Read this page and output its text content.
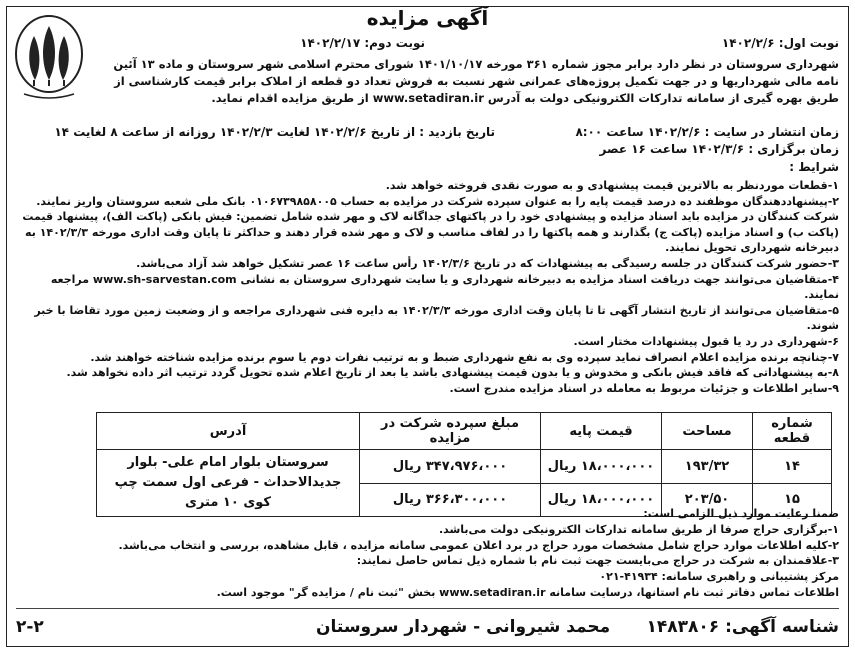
آگهی مزایده
نوبت اول: ۱۴۰۲/۲/۶
نوبت دوم: ۱۴۰۲/۲/۱۷
شهرداری سروستان در نظر دارد برابر مجوز شماره ۳۶۱ مورخه ۱۴۰۱/۱۰/۱۷ شورای محترم اسلامی شهر سروستان و ماده ۱۳ آئین نامه مالی شهرداریها و در جهت تکمیل پروژه‌های عمرانی شهر نسبت به فروش تعداد دو قطعه از املاک برابر قیمت کارشناسی از طریق بهره گیری از سامانه تدارکات الکترونیکی دولت به آدرس www.setadiran.ir از طریق مزایده اقدام نماید.
زمان انتشار در سایت : ۱۴۰۲/۲/۶ ساعت ۸:۰۰
تاریخ بازدید : از تاریخ ۱۴۰۲/۲/۶ لغایت ۱۴۰۲/۲/۳ روزانه از ساعت ۸ لغایت ۱۴
زمان برگزاری : ۱۴۰۲/۳/۶ ساعت ۱۶ عصر
شرایط :
۱-قطعات موردنظر به بالاترین قیمت پیشنهادی و به صورت نقدی فروخته خواهد شد.
۲-پیشنهاددهندگان موظفند ده درصد قیمت پایه را به عنوان سپرده شرکت در مزایده به حساب ۰۱۰۶۷۳۹۸۵۸۰۰۵ بانک ملی شعبه سروستان واریز نمایند. شرکت کنندگان در مزایده باید اسناد مزایده و پیشنهادی خود را در پاکتهای جداگانه لاک و مهر شده شامل تضمین: فیش بانکی (پاکت الف)، پیشنهاد قیمت (پاکت ب) و اسناد مزایده (پاکت ج) بگذارند و همه پاکتها را در لفاف مناسب و لاک و مهر شده قرار دهند و حداکثر تا پایان وقت اداری مورخه ۱۴۰۲/۳/۳ به دبیرخانه شهرداری تحویل نمایند.
۳-حضور شرکت کنندگان در جلسه رسیدگی به پیشنهادات که در تاریخ ۱۴۰۲/۳/۶ رأس ساعت ۱۶ عصر تشکیل خواهد شد آزاد می‌باشد.
۴-متقاضیان می‌توانند جهت دریافت اسناد مزایده به دبیرخانه شهرداری و یا سایت شهرداری سروستان به نشانی www.sh-sarvestan.com مراجعه نمایند.
۵-متقاضیان می‌توانند از تاریخ انتشار آگهی تا تا پایان وقت اداری مورخه ۱۴۰۲/۳/۳ به دایره فنی شهرداری مراجعه و از وضعیت زمین مورد تقاضا با خبر شوند.
۶-شهرداری در رد یا قبول پیشنهادات مختار است.
۷-چنانچه برنده مزایده اعلام انصراف نماید سپرده وی به نفع شهرداری ضبط و به ترتیب نفرات دوم یا سوم برنده مزایده شناخته خواهند شد.
۸-به پیشنهاداتی که فاقد فیش بانکی و مخدوش و یا بدون قیمت پیشنهادی باشد یا بعد از تاریخ اعلام شده تحویل گردد ترتیب اثر داده نخواهد شد.
۹-سایر اطلاعات و جزئیات مربوط به معامله در اسناد مزایده مندرج است.
شماره قطعه	مساحت	قیمت پایه	مبلغ سپرده شرکت در مزایده	آدرس
۱۴	۱۹۳/۳۲	۱۸،۰۰۰،۰۰۰ ریال	۳۴۷،۹۷۶،۰۰۰ ریال	سروستان بلوار امام علی- بلوار جدیدالاحداث - فرعی اول سمت چپ کوی ۱۰ متری
۱۵	۲۰۳/۵۰	۱۸،۰۰۰،۰۰۰ ریال	۳۶۶،۳۰۰،۰۰۰ ریال	
ضمنا رعایت موارد ذیل الزامی است:
۱-برگزاری حراج صرفا از طریق سامانه تدارکات الکترونیکی دولت می‌باشد.
۲-کلیه اطلاعات موارد حراج شامل مشخصات مورد حراج در برد اعلان عمومی سامانه مزایده ، قابل مشاهده، بررسی و انتخاب می‌باشد.
۳-علاقمندان به شرکت در حراج می‌بایست جهت ثبت نام با شماره ذیل تماس حاصل نمایند:
مرکز پشتیبانی و راهبری سامانه: ۴۱۹۳۴-۰۲۱
اطلاعات تماس دفاتر ثبت نام استانها، درسایت سامانه www.setadiran.ir بخش "ثبت نام / مزایده گر" موجود است.
شناسه آگهی: ۱۴۸۳۸۰۶
محمد شیروانی - شهردار سروستان
۲-۲
